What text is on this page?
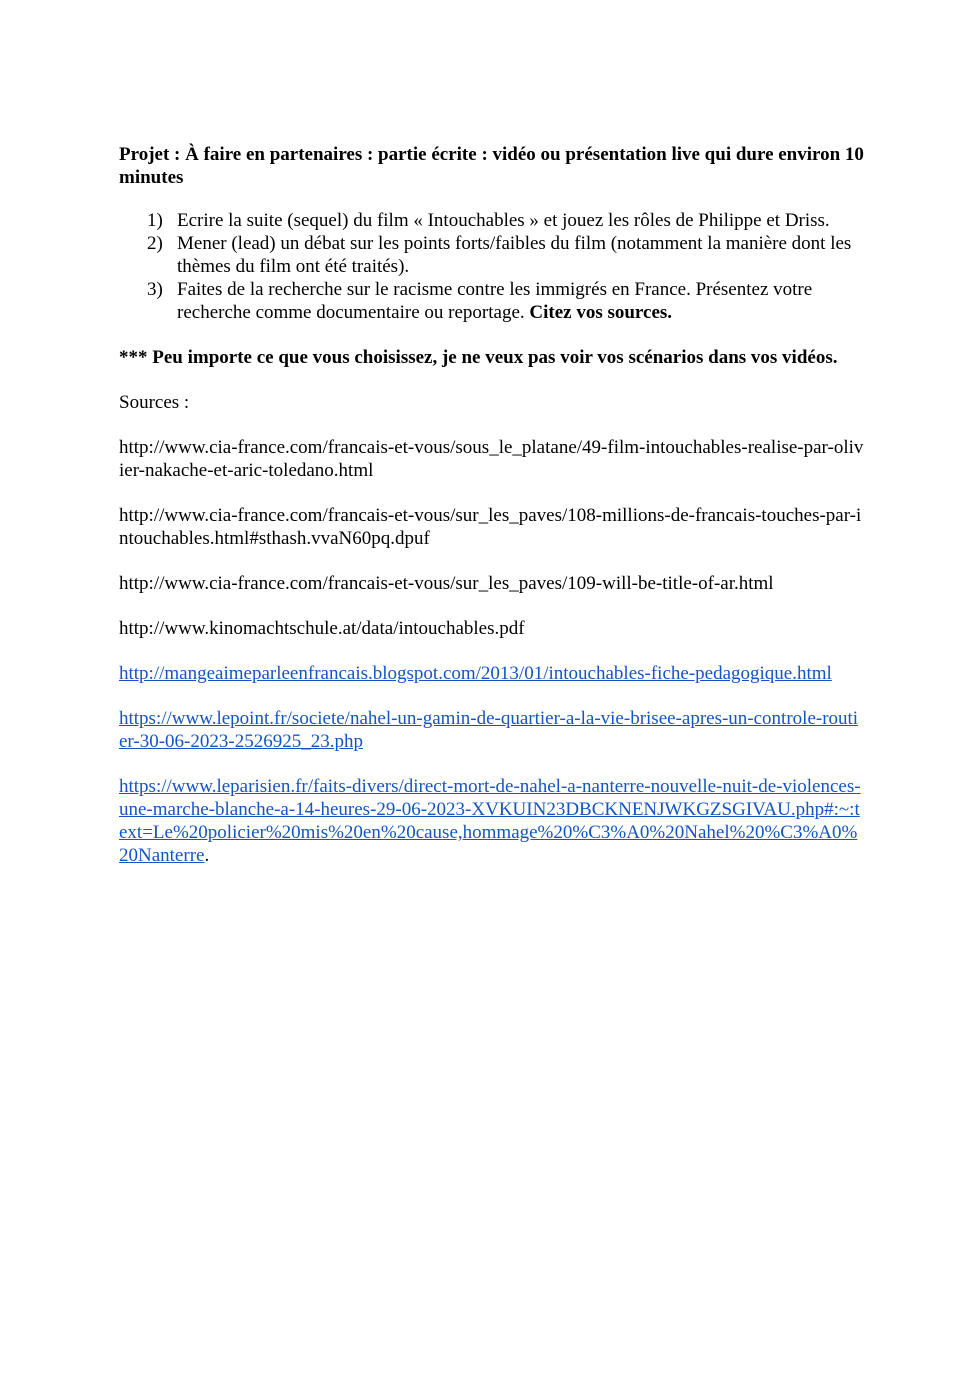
Projet : À faire en partenaires : partie écrite : vidéo ou présentation live qui dure environ 10 minutes

1) Ecrire la suite (sequel) du film « Intouchables » et jouez les rôles de Philippe et Driss.
2) Mener (lead) un débat sur les points forts/faibles du film (notamment la manière dont les thèmes du film ont été traités).
3) Faites de la recherche sur le racisme contre les immigrés en France. Présentez votre recherche comme documentaire ou reportage. Citez vos sources.

*** Peu importe ce que vous choisissez, je ne veux pas voir vos scénarios dans vos vidéos.

Sources :

http://www.cia-france.com/francais-et-vous/sous_le_platane/49-film-intouchables-realise-par-olivier-nakache-et-aric-toledano.html

http://www.cia-france.com/francais-et-vous/sur_les_paves/108-millions-de-francais-touches-par-intouchables.html#sthash.vvaN60pq.dpuf

http://www.cia-france.com/francais-et-vous/sur_les_paves/109-will-be-title-of-ar.html

http://www.kinomachtschule.at/data/intouchables.pdf

http://mangeaimeparleenfrancais.blogspot.com/2013/01/intouchables-fiche-pedagogique.html

https://www.lepoint.fr/societe/nahel-un-gamin-de-quartier-a-la-vie-brisee-apres-un-controle-routier-30-06-2023-2526925_23.php

https://www.leparisien.fr/faits-divers/direct-mort-de-nahel-a-nanterre-nouvelle-nuit-de-violences-une-marche-blanche-a-14-heures-29-06-2023-XVKUIN23DBCKNENJWKGZSGIVAU.php#:~:text=Le%20policier%20mis%20en%20cause,hommage%20%C3%A0%20Nahel%20%C3%A0%20Nanterre.
